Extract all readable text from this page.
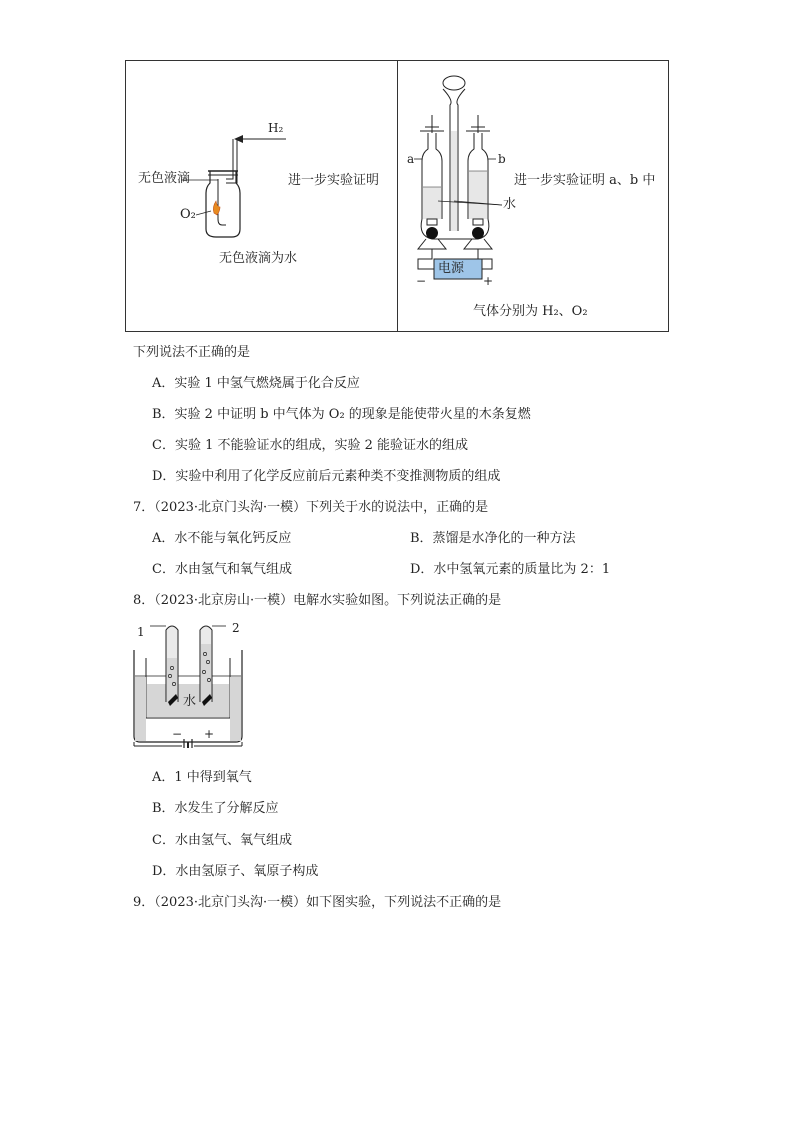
H₂
无色液滴
O₂
进一步实验证明
无色液滴为水
a	b
水
电源
−	+
进一步实验证明 a、b 中
气体分别为 H₂、O₂
下列说法不正确的是
A．实验 1 中氢气燃烧属于化合反应
B．实验 2 中证明 b 中气体为 O₂ 的现象是能使带火星的木条复燃
C．实验 1 不能验证水的组成，实验 2 能验证水的组成
D．实验中利用了化学反应前后元素种类不变推测物质的组成
7．（2023·北京门头沟·一模）下列关于水的说法中，正确的是
A．水不能与氧化钙反应	B．蒸馏是水净化的一种方法
C．水由氢气和氧气组成	D．水中氢氧元素的质量比为 2：1
8．（2023·北京房山·一模）电解水实验如图。下列说法正确的是
1	2
水
− +
A．1 中得到氧气
B．水发生了分解反应
C．水由氢气、氧气组成
D．水由氢原子、氧原子构成
9．（2023·北京门头沟·一模）如下图实验，下列说法不正确的是
